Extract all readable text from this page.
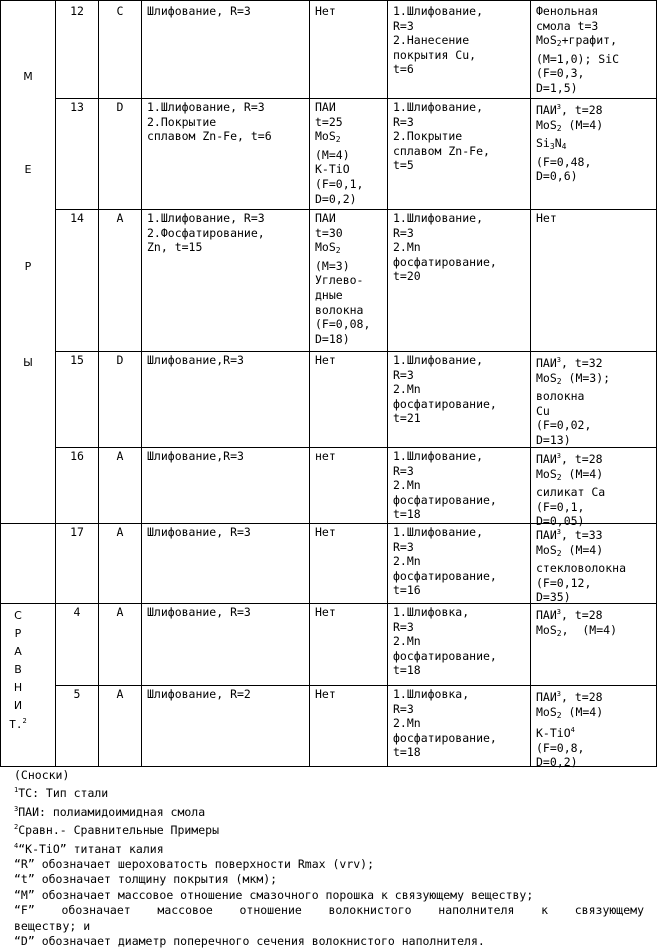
М
Е
Р
Ы
С
Р
А
В
Н
И
Т.2
12	C	Шлифование, R=3	Нет	1.Шлифование,
R=3
2.Нанесение
покрытия Cu,
t=6
Фенольная
смола t=3
MoS2+графит,
(M=1,0); SiC
(F=0,3,
D=1,5)
13	D	1.Шлифование, R=3
2.Покрытие
сплавом Zn-Fe, t=6
ПАИ
t=25
MoS2
(M=4)
K-TiO
(F=0,1,
D=0,2)
1.Шлифование,
R=3
2.Покрытие
сплавом Zn-Fe,
t=5
ПАИ3, t=28
MoS2 (M=4)
Si3N4
(F=0,48,
D=0,6)
14	A	1.Шлифование, R=3
2.Фосфатирование,
Zn, t=15
ПАИ
t=30
MoS2
(M=3)
Углево-
дные
волокна
(F=0,08,
D=18)
1.Шлифование,
R=3
2.Mn
фосфатирование,
t=20
Нет
15	D	Шлифование,R=3	Нет	1.Шлифование,
R=3
2.Mn
фосфатирование,
t=21
ПАИ3, t=32
MoS2 (M=3);
волокна
Cu
(F=0,02,
D=13)
16	A	Шлифование,R=3	нет	1.Шлифование,
R=3
2.Mn
фосфатирование,
t=18
ПАИ3, t=28
MoS2 (M=4)
силикат Ca
(F=0,1,
D=0,05)
17	A	Шлифование, R=3	Нет	1.Шлифование,
R=3
2.Mn
фосфатирование,
t=16
ПАИ3, t=33
MoS2 (M=4)
стекловолокна
(F=0,12,
D=35)
4	A	Шлифование, R=3	Нет	1.Шлифовка,
R=3
2.Mn
фосфатирование,
t=18
ПАИ3, t=28
MoS2,  (M=4)
5	A	Шлифование, R=2	Нет	1.Шлифовка,
R=3
2.Mn
фосфатирование,
t=18
ПАИ3, t=28
MoS2 (M=4)
K-TiO4
(F=0,8,
D=0,2)
(Сноски)
1TC: Тип стали
3ПАИ: полиамидоимидная смола
2Сравн.- Сравнительные Примеры
4“K-TiO” титанат калия
“R” обозначает шероховатость поверхности Rmax (vrv);
“t” обозначает толщину покрытия (мкм);
“M” обозначает массовое отношение смазочного порошка к связующему веществу;
“F” обозначает массовое отношение волокнистого наполнителя к связующему
веществу; и
“D” обозначает диаметр поперечного сечения волокнистого наполнителя.
